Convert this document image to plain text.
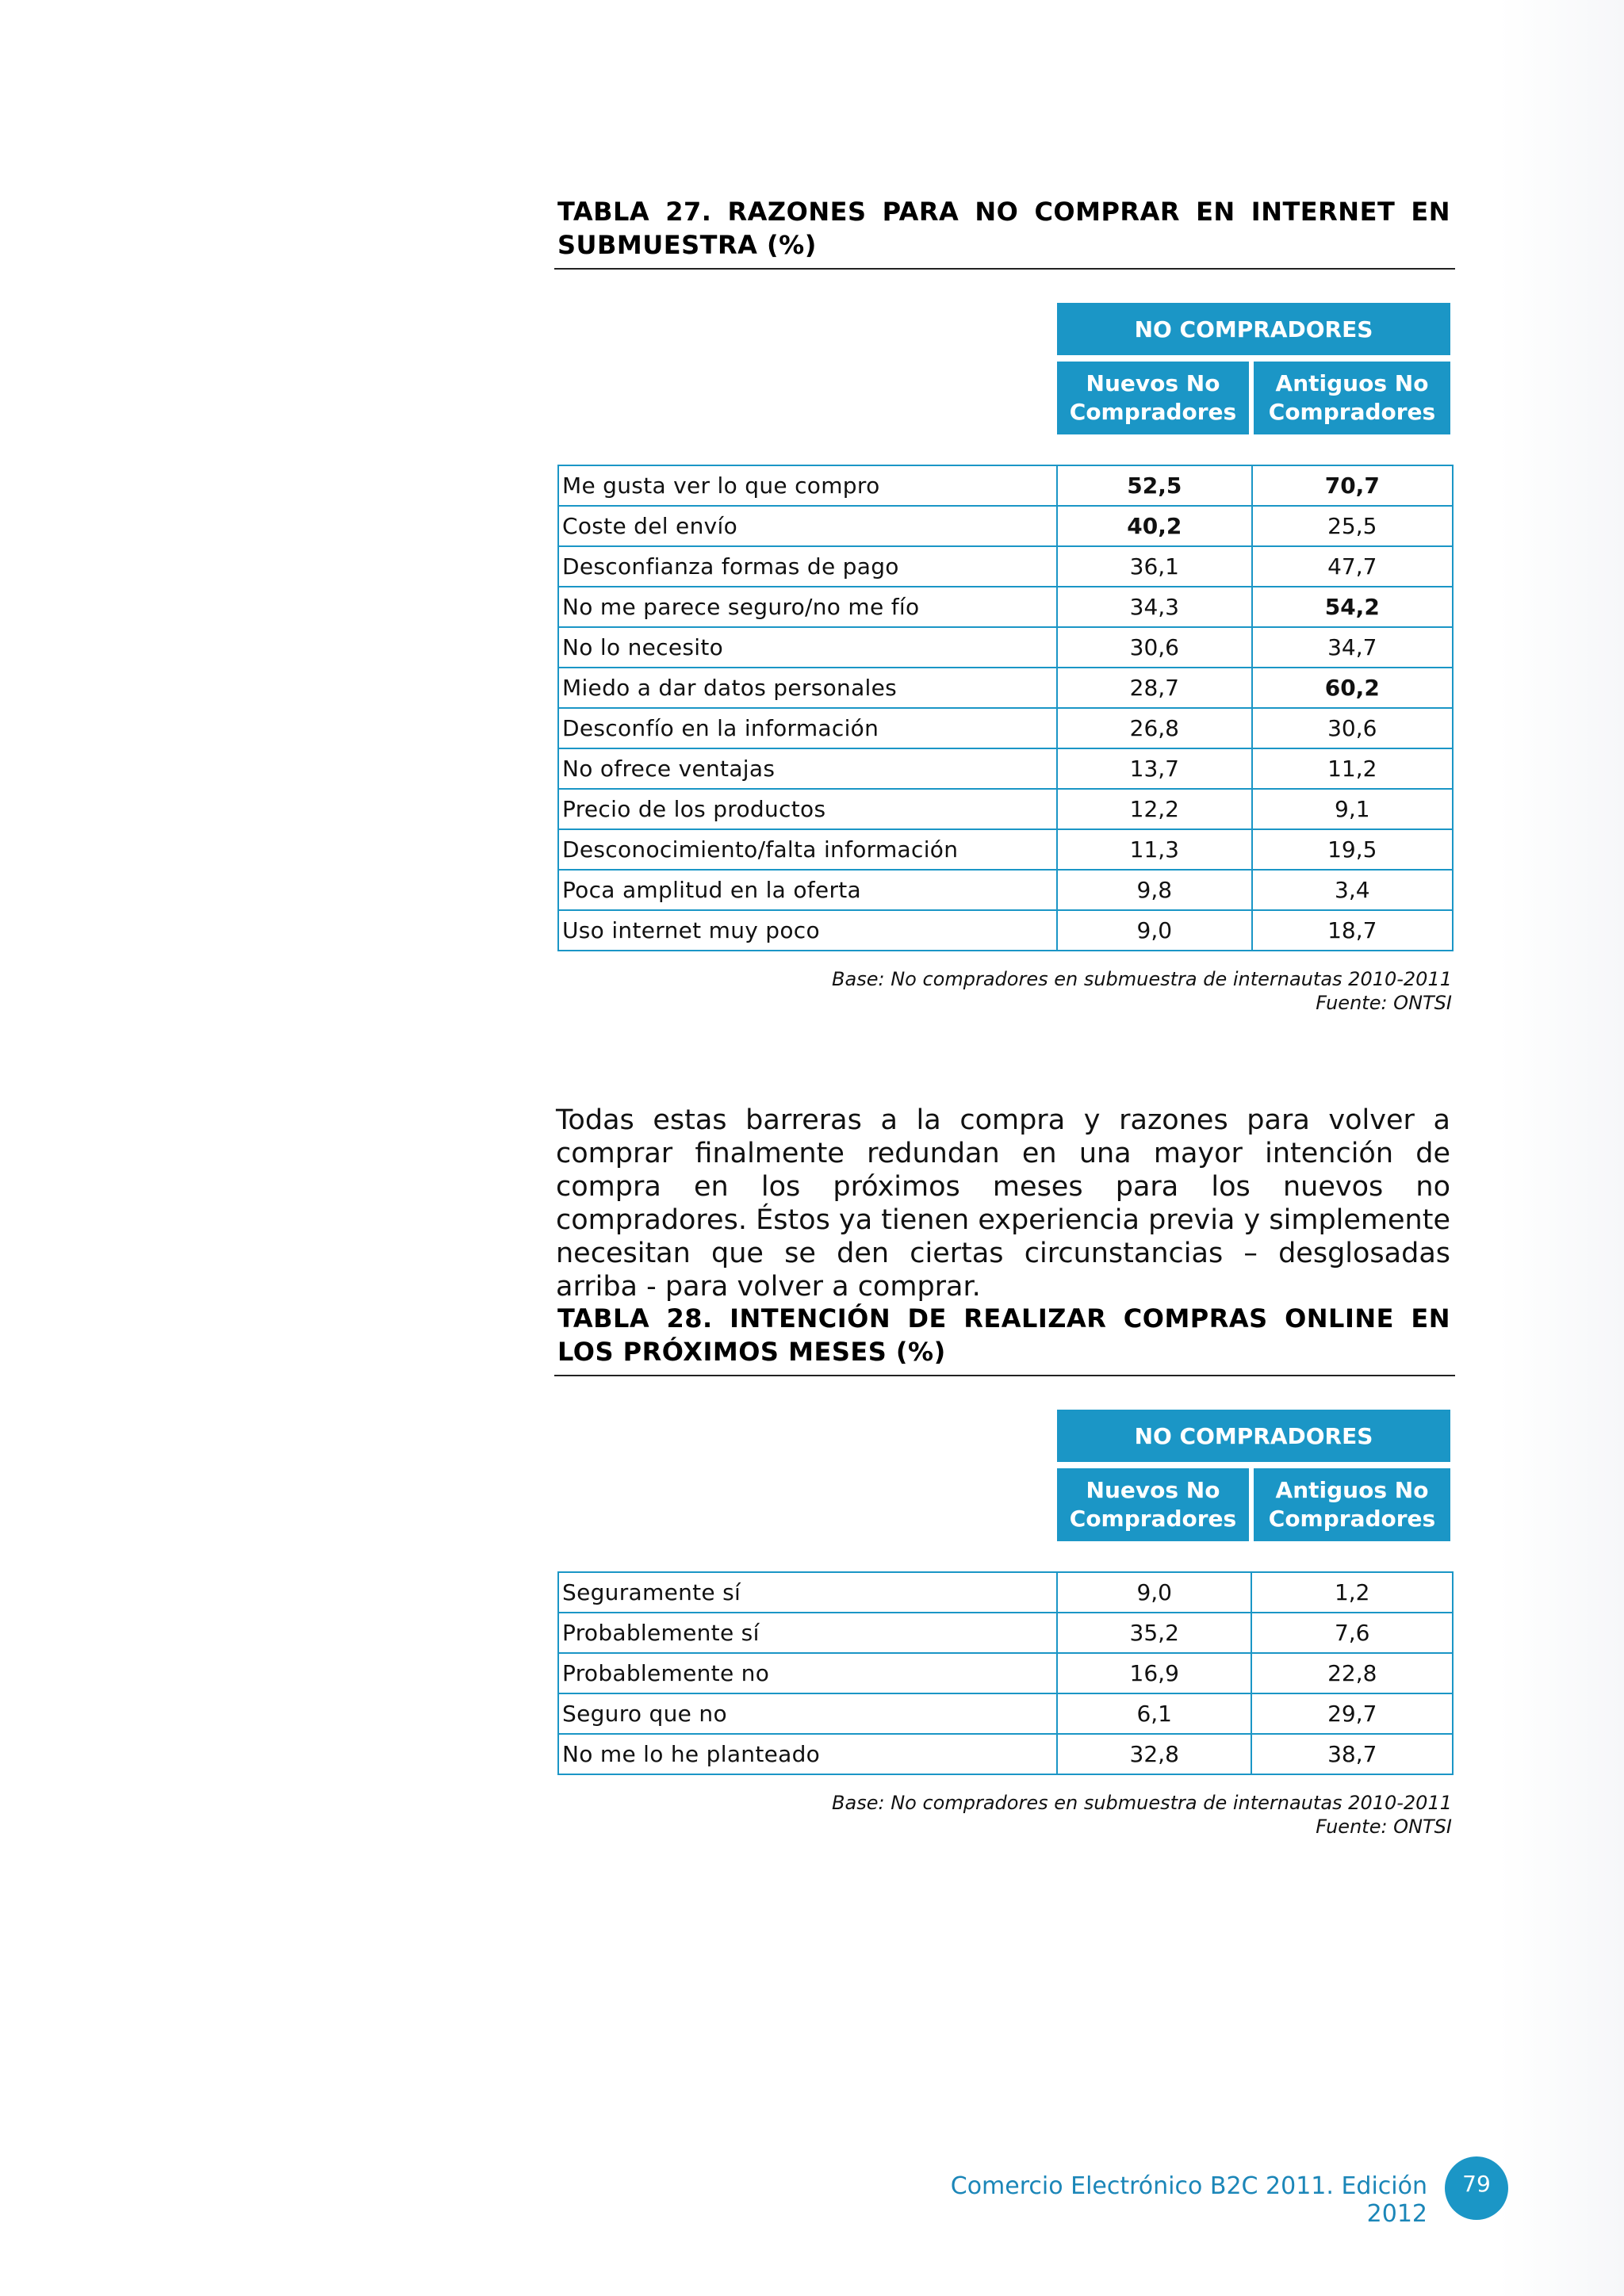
TABLA 27. RAZONES PARA NO COMPRAR EN INTERNET EN SUBMUESTRA (%)

NO COMPRADORES
Nuevos No Compradores
Antiguos No Compradores
Me gusta ver lo que compro	52,5	70,7
Coste del envío	40,2	25,5
Desconfianza formas de pago	36,1	47,7
No me parece seguro/no me fío	34,3	54,2
No lo necesito	30,6	34,7
Miedo a dar datos personales	28,7	60,2
Desconfío en la información	26,8	30,6
No ofrece ventajas	13,7	11,2
Precio de los productos	12,2	9,1
Desconocimiento/falta información	11,3	19,5
Poca amplitud en la oferta	9,8	3,4
Uso internet muy poco	9,0	18,7
Base: No compradores en submuestra de internautas 2010-2011
Fuente: ONTSI

Todas estas barreras a la compra y razones para volver a comprar finalmente redundan en una mayor intención de compra en los próximos meses para los nuevos no compradores. Éstos ya tienen experiencia previa y simplemente necesitan que se den ciertas circunstancias – desglosadas arriba - para volver a comprar.

TABLA 28. INTENCIÓN DE REALIZAR COMPRAS ONLINE EN LOS PRÓXIMOS MESES (%)

NO COMPRADORES
Nuevos No Compradores
Antiguos No Compradores
Seguramente sí	9,0	1,2
Probablemente sí	35,2	7,6
Probablemente no	16,9	22,8
Seguro que no	6,1	29,7
No me lo he planteado	32,8	38,7
Base: No compradores en submuestra de internautas 2010-2011
Fuente: ONTSI
Comercio Electrónico B2C 2011. Edición 2012
79
